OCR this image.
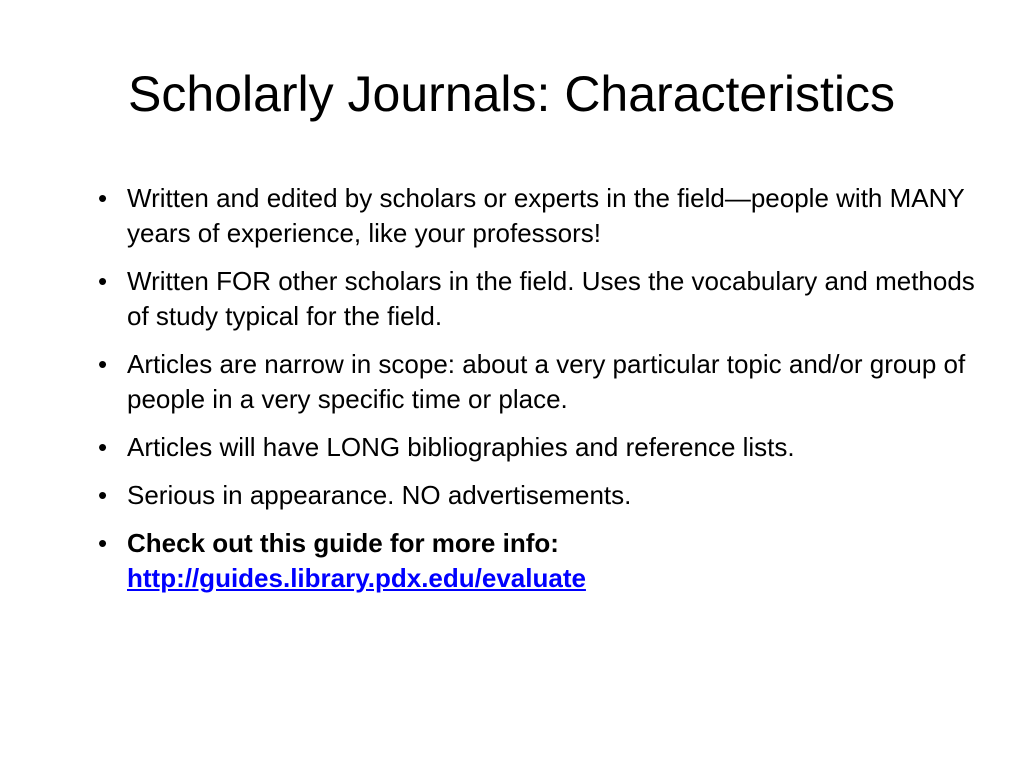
Scholarly Journals: Characteristics
• Written and edited by scholars or experts in the field—people with MANY years of experience, like your professors!
• Written FOR other scholars in the field. Uses the vocabulary and methods of study typical for the field.
• Articles are narrow in scope: about a very particular topic and/or group of people in a very specific time or place.
• Articles will have LONG bibliographies and reference lists.
• Serious in appearance. NO advertisements.
• Check out this guide for more info:
http://guides.library.pdx.edu/evaluate
